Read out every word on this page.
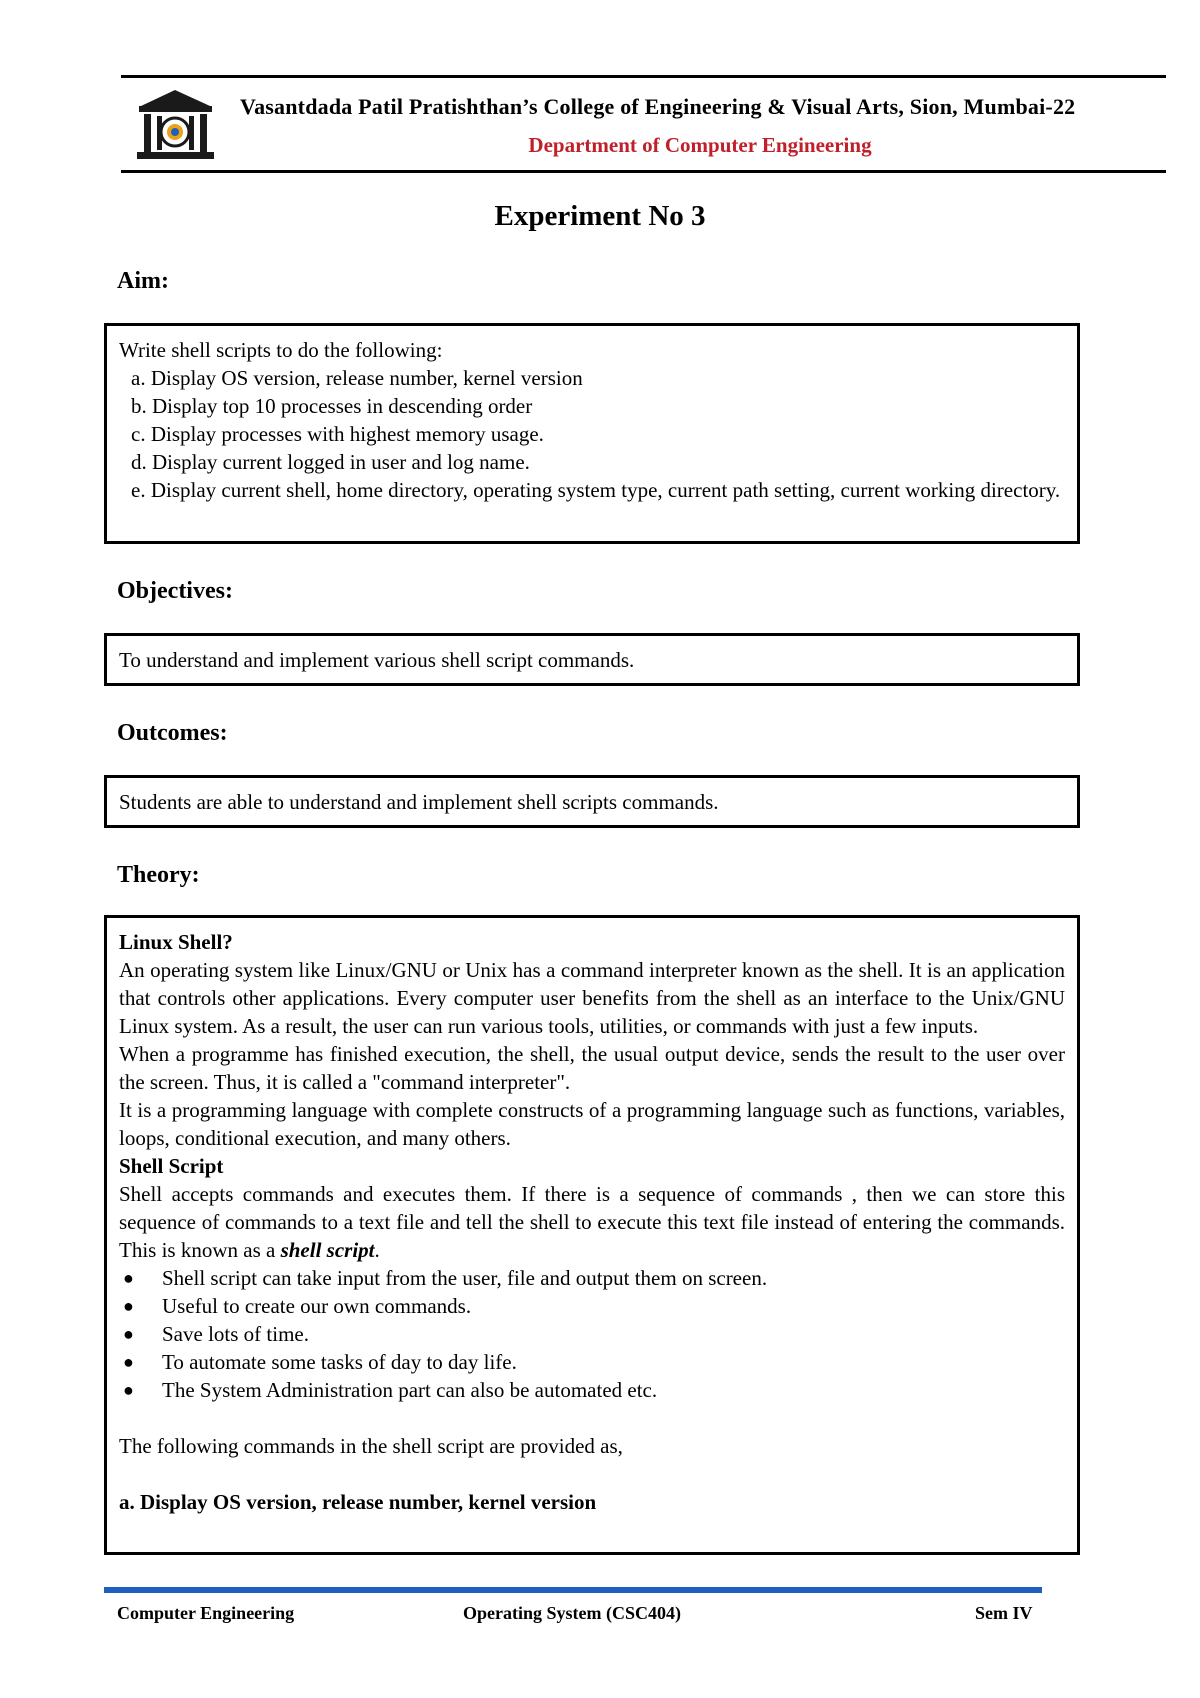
Vasantdada Patil Pratishthan’s College of Engineering & Visual Arts, Sion, Mumbai-22
Department of Computer Engineering
Experiment No 3
Aim:

Write shell scripts to do the following:

a. Display OS version, release number, kernel version

b. Display top 10 processes in descending order

c. Display processes with highest memory usage.

d. Display current logged in user and log name.

e. Display current shell, home directory, operating system type, current path setting, current working directory.

Objectives:

To understand and implement various shell script commands.

Outcomes:

Students are able to understand and implement shell scripts commands.

Theory:

Linux Shell?

An operating system like Linux/GNU or Unix has a command interpreter known as the shell. It is an application that controls other applications. Every computer user benefits from the shell as an interface to the Unix/GNU Linux system. As a result, the user can run various tools, utilities, or commands with just a few inputs.

When a programme has finished execution, the shell, the usual output device, sends the result to the user over the screen. Thus, it is called a "command interpreter".

It is a programming language with complete constructs of a programming language such as functions, variables, loops, conditional execution, and many others.

Shell Script

Shell accepts commands and executes them. If there is a sequence of commands , then we can store this sequence of commands to a text file and tell the shell to execute this text file instead of entering the commands. This is known as a shell script.

● Shell script can take input from the user, file and output them on screen.
● Useful to create our own commands.
● Save lots of time.
● To automate some tasks of day to day life.
● The System Administration part can also be automated etc.

The following commands in the shell script are provided as,

a. Display OS version, release number, kernel version

Computer Engineering	Operating System (CSC404)	Sem IV
